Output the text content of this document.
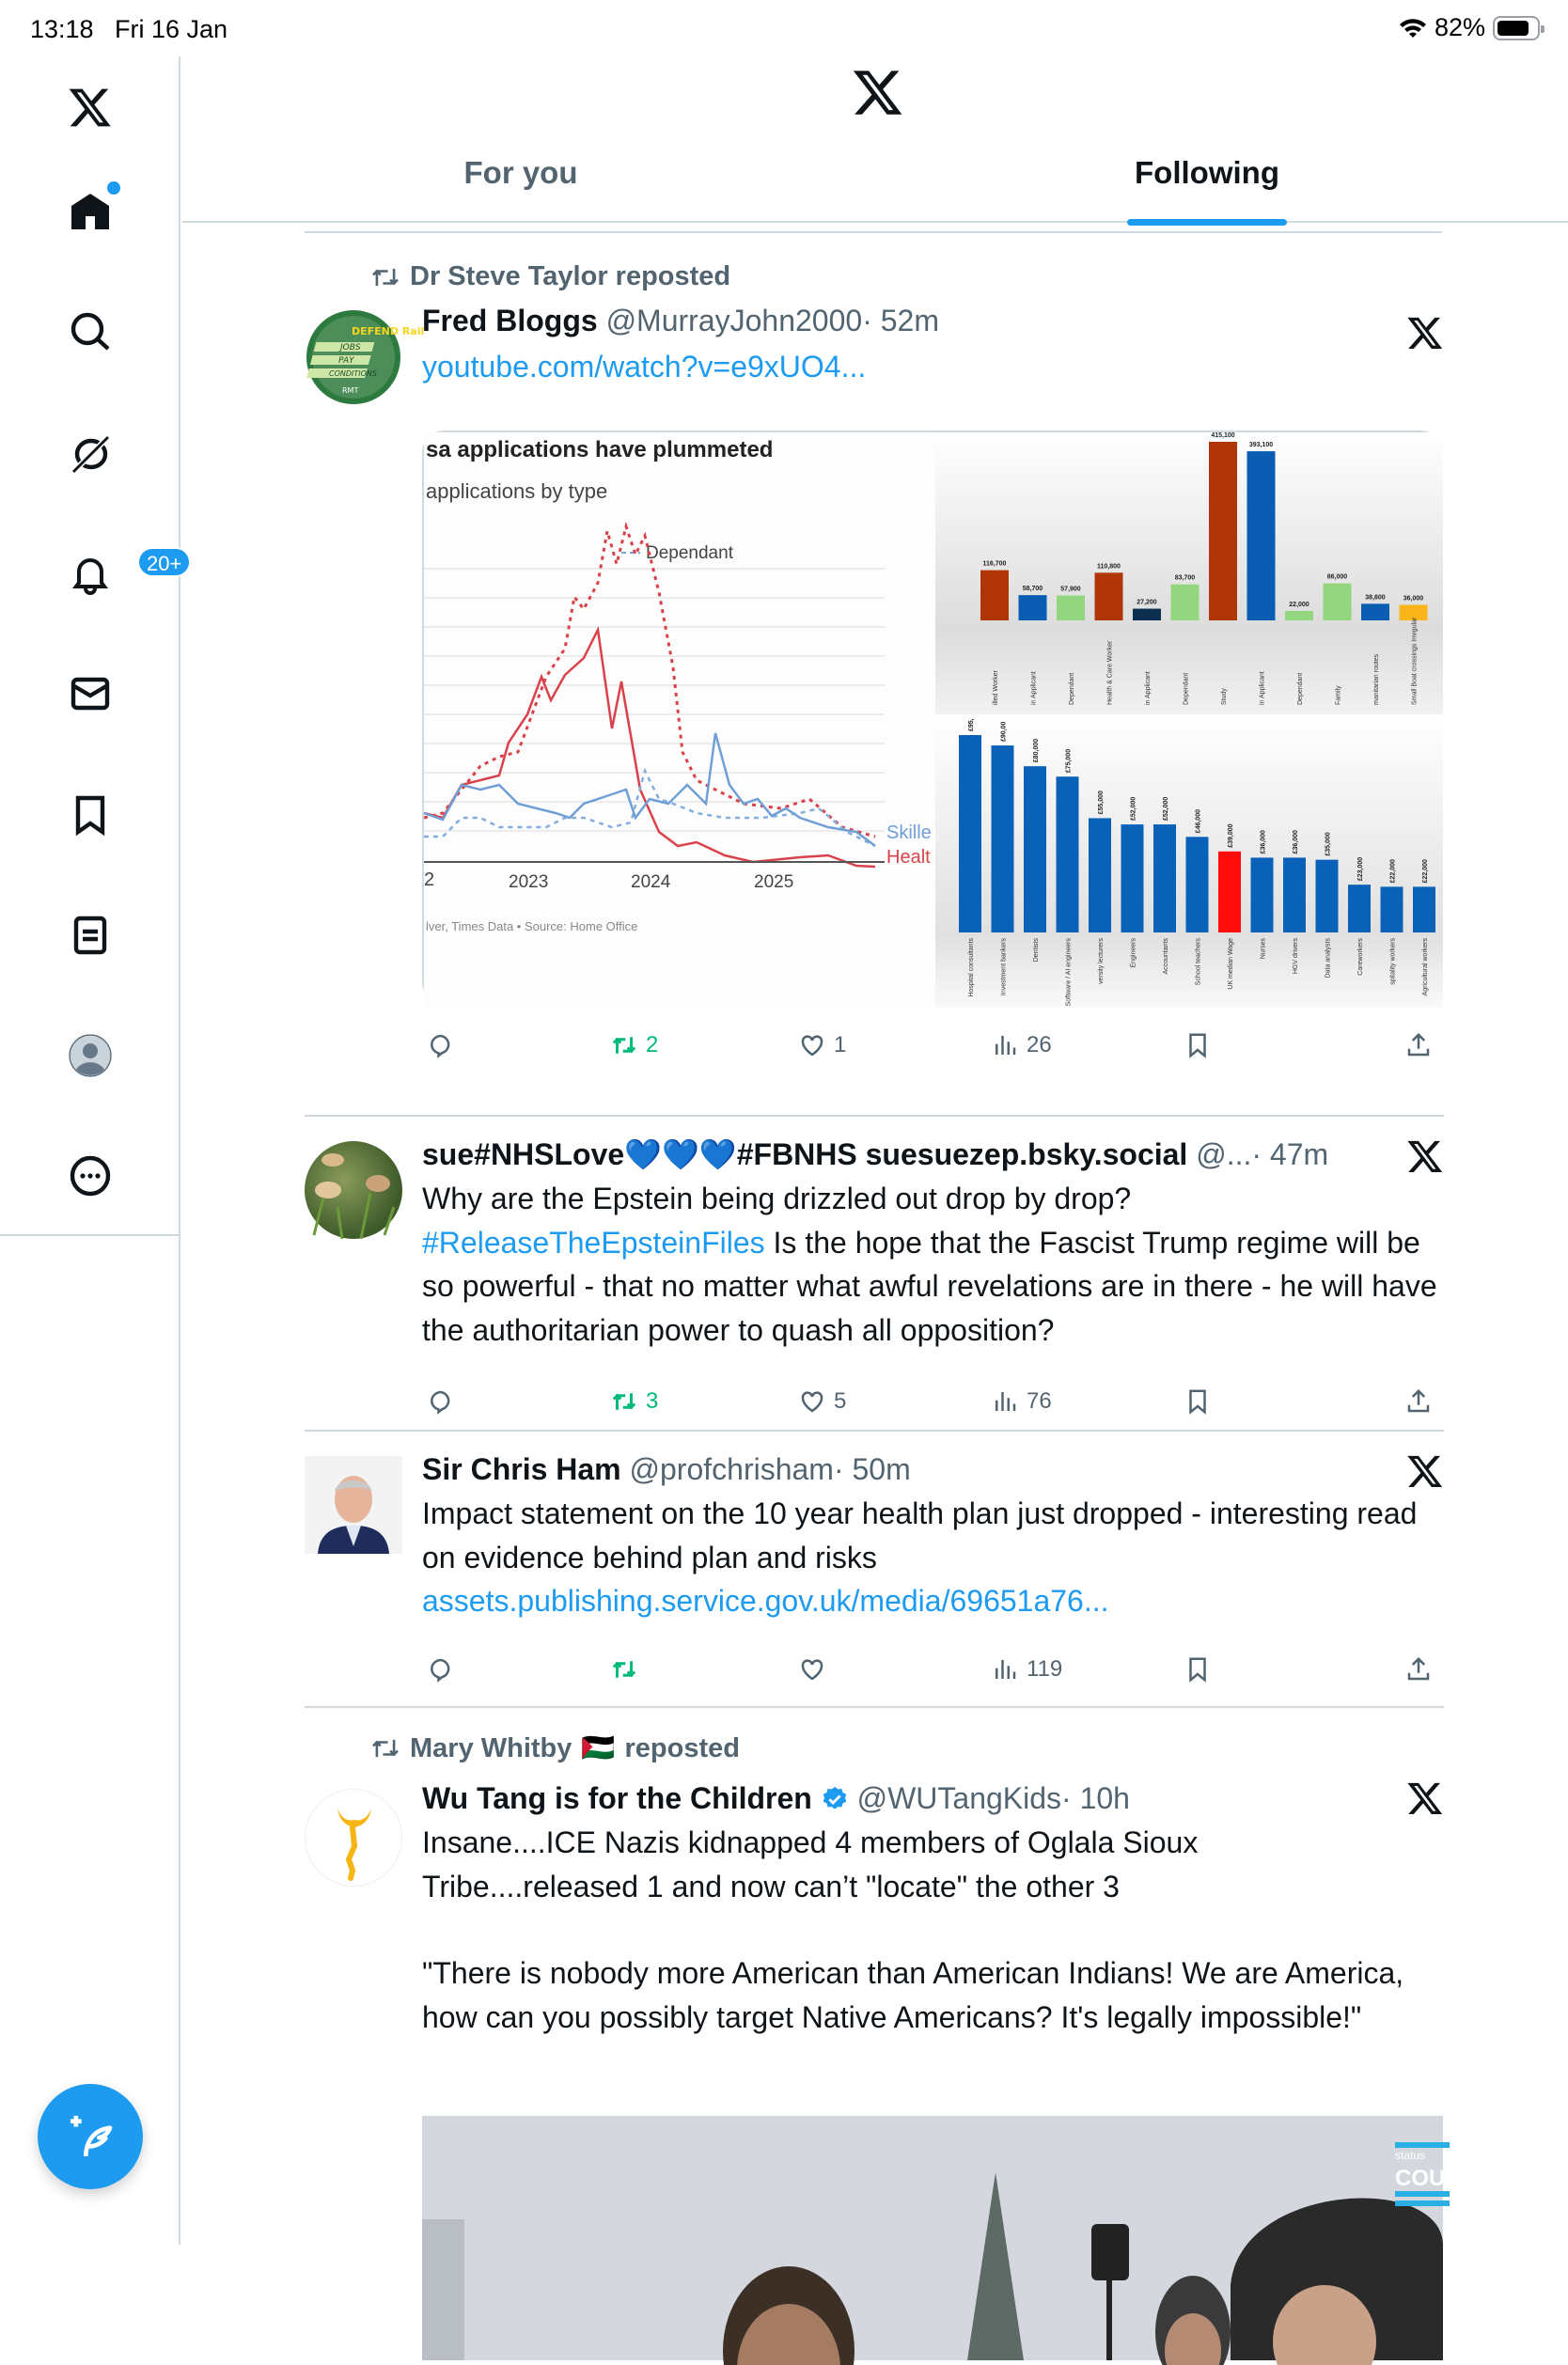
13:18 Fri 16 Jan	82%
20+
For you	Following
Dr Steve Taylor reposted
DEFEND Rail
JOBS
PAY
CONDITIONS
RMT
Fred Bloggs @MurrayJohn2000· 52m
youtube.com/watch?v=e9xUO4...
sa applications have plummeted
applications by type
Dependant
Skille
Healt
2	2023	2024	2025
lver, Times Data • Source: Home Office
116,700
illed Worker
58,700
in Applicant
57,900
Dependant
110,800
Health & Care Worker
27,200
in Applicant
83,700
Dependant
415,100
Study
393,100
in Applicant
22,000
Dependant
86,000
Family
38,600
manitarian routes
36,000
Small Boat crossings Irregular
£95,
Hospital consultants
£90,00
Investment bankers
£80,000
Dentists
£75,000
Software / AI engineers
£55,000
versity lecturers
£52,000
Engineers
£52,000
Accountants
£46,000
School teachers
£39,000
UK median Wage
£36,000
Nurses
£36,000
HGV drivers
£35,000
Data analysts
£23,000
Careworkers
£22,000
spitality workers
£22,000
Agricultural workers
2	1	26
sue#NHSLove💙💙💙#FBNHS suesuezep.bsky.social @...· 47m
Why are the Epstein being drizzled out drop by drop?
#ReleaseTheEpsteinFiles Is the hope that the Fascist Trump regime will be so powerful - that no matter what awful revelations are in there - he will have the authoritarian power to quash all opposition?
3	5	76
Sir Chris Ham @profchrisham· 50m
Impact statement on the 10 year health plan just dropped - interesting read on evidence behind plan and risks
assets.publishing.service.gov.uk/media/69651a76...
119
Mary Whitby 🇵🇸 reposted
Wu Tang is for the Children @WUTangKids· 10h
Insane....ICE Nazis kidnapped 4 members of Oglala Sioux Tribe....released 1 and now can’t "locate" the other 3
"There is nobody more American than American Indians! We are America, how can you possibly target Native Americans? It's legally impossible!"
status
COUP
